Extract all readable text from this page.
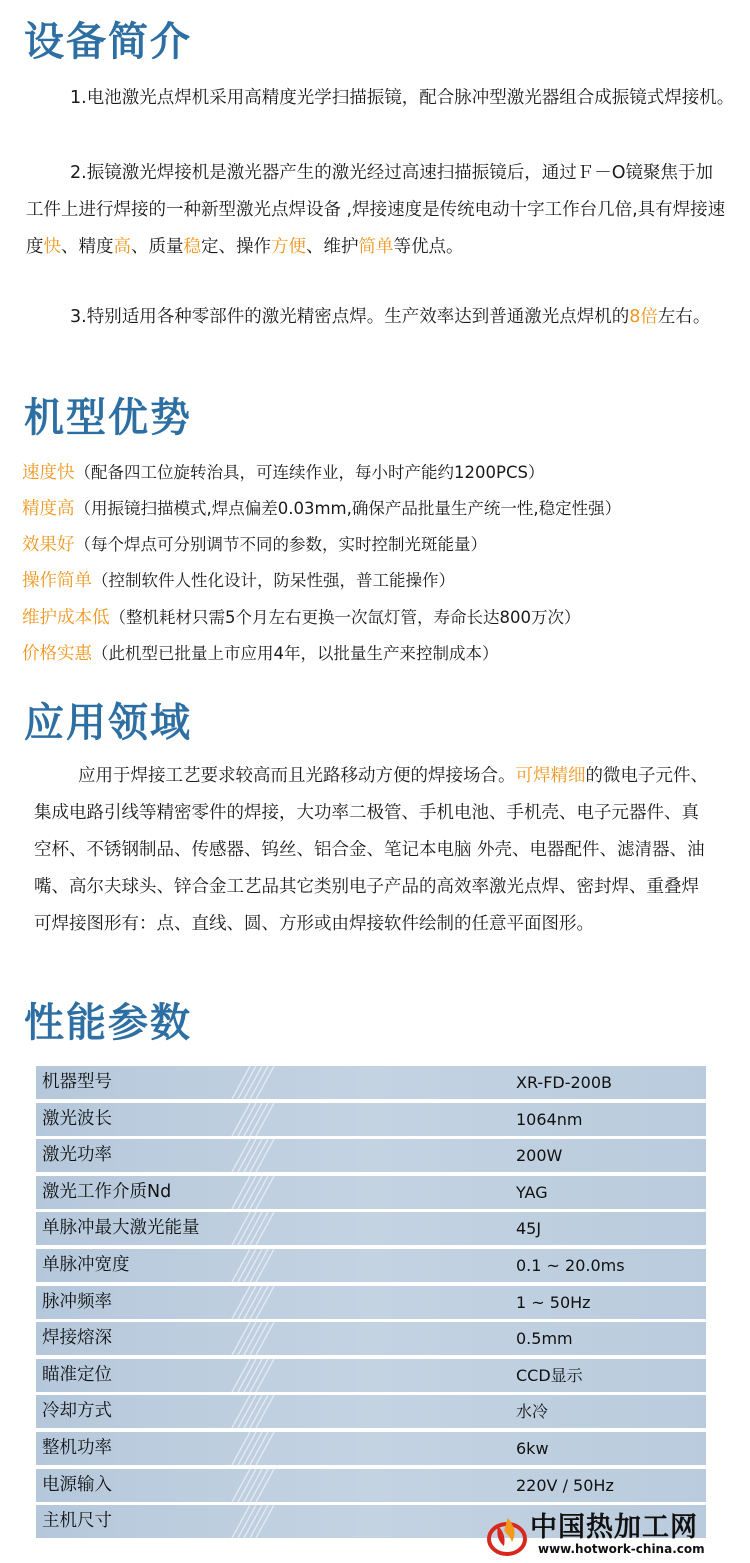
设备简介

1.电池激光点焊机采用高精度光学扫描振镜，配合脉冲型激光器组合成振镜式焊接机。

2.振镜激光焊接机是激光器产生的激光经过高速扫描振镜后，通过Ｆ－O镜聚焦于加工件上进行焊接的一种新型激光点焊设备 ,焊接速度是传统电动十字工作台几倍,具有焊接速度快、精度高、质量稳定、操作方便、维护简单等优点。

3.特别适用各种零部件的激光精密点焊。生产效率达到普通激光点焊机的8倍左右。

机型优势
速度快（配备四工位旋转治具，可连续作业，每小时产能约1200PCS）
精度高（用振镜扫描模式,焊点偏差0.03mm,确保产品批量生产统一性,稳定性强）
效果好（每个焊点可分别调节不同的参数，实时控制光斑能量）
操作简单（控制软件人性化设计，防呆性强，普工能操作）
维护成本低（整机耗材只需5个月左右更换一次氙灯管，寿命长达800万次）
价格实惠（此机型已批量上市应用4年，以批量生产来控制成本）
应用领域

应用于焊接工艺要求较高而且光路移动方便的焊接场合。可焊精细的微电子元件、集成电路引线等精密零件的焊接，大功率二极管、手机电池、手机壳、电子元器件、真空杯、不锈钢制品、传感器、钨丝、铝合金、笔记本电脑 外壳、电器配件、滤清器、油嘴、高尔夫球头、锌合金工艺品其它类别电子产品的高效率激光点焊、密封焊、重叠焊可焊接图形有：点、直线、圆、方形或由焊接软件绘制的任意平面图形。

性能参数
机器型号	XR-FD-200B
激光波长	1064nm
激光功率	200W
激光工作介质Nd	YAG
单脉冲最大激光能量	45J
单脉冲宽度	0.1 ~ 20.0ms
脉冲频率	1 ~ 50Hz
焊接熔深	0.5mm
瞄准定位	CCD显示
冷却方式	水冷
整机功率	6kw
电源输入	220V / 50Hz
主机尺寸	中国热加工网
www.hotwork-china.com
